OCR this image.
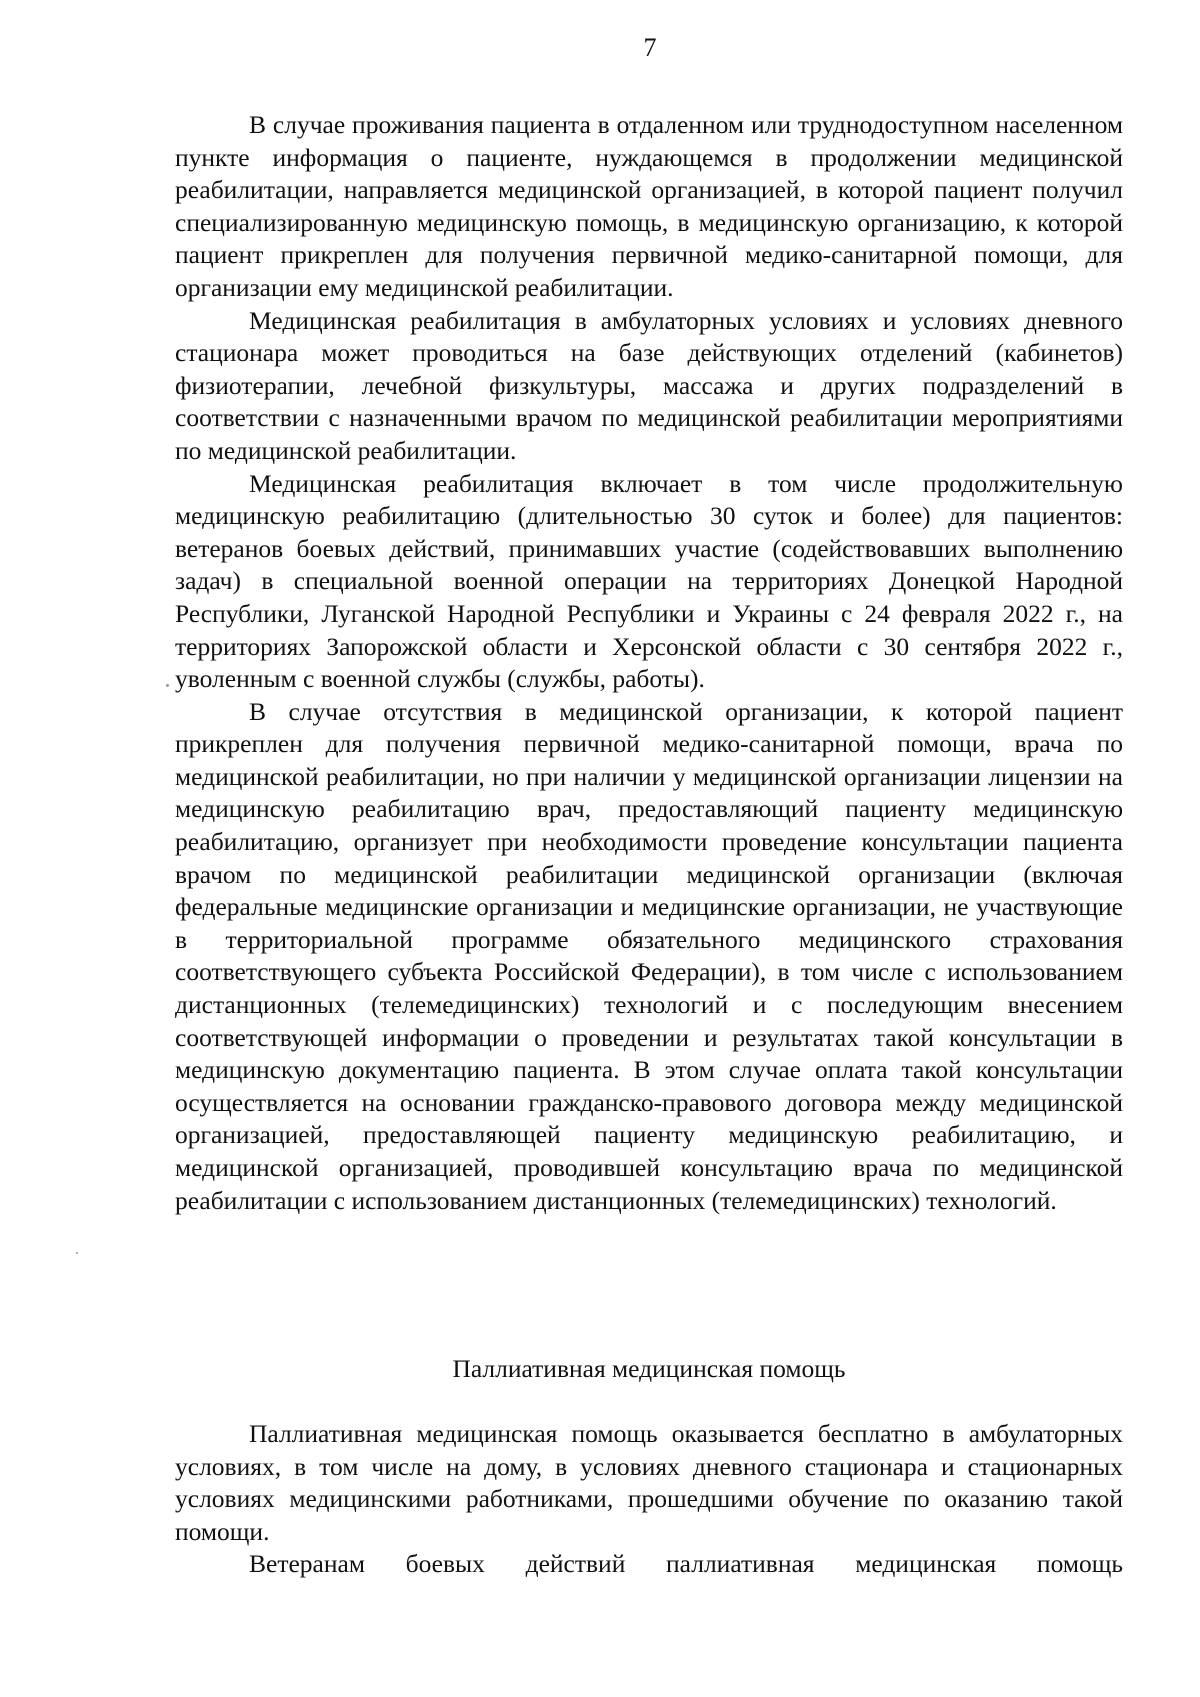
7

В случае проживания пациента в отдаленном или труднодоступном населенном пункте информация о пациенте, нуждающемся в продолжении медицинской реабилитации, направляется медицинской организацией, в которой пациент получил специализированную медицинскую помощь, в медицинскую организацию, к которой пациент прикреплен для получения первичной медико-санитарной помощи, для организации ему медицинской реабилитации.

Медицинская реабилитация в амбулаторных условиях и условиях дневного стационара может проводиться на базе действующих отделений (кабинетов) физиотерапии, лечебной физкультуры, массажа и других подразделений в соответствии с назначенными врачом по медицинской реабилитации мероприятиями по медицинской реабилитации.

Медицинская реабилитация включает в том числе продолжительную медицинскую реабилитацию (длительностью 30 суток и более) для пациентов: ветеранов боевых действий, принимавших участие (содействовавших выполнению задач) в специальной военной операции на территориях Донецкой Народной Республики, Луганской Народной Республики и Украины с 24 февраля 2022 г., на территориях Запорожской области и Херсонской области с 30 сентября 2022 г., уволенным с военной службы (службы, работы).

В случае отсутствия в медицинской организации, к которой пациент прикреплен для получения первичной медико-санитарной помощи, врача по медицинской реабилитации, но при наличии у медицинской организации лицензии на медицинскую реабилитацию врач, предоставляющий пациенту медицинскую реабилитацию, организует при необходимости проведение консультации пациента врачом по медицинской реабилитации медицинской организации (включая федеральные медицинские организации и медицинские организации, не участвующие в территориальной программе обязательного медицинского страхования соответствующего субъекта Российской Федерации), в том числе с использованием дистанционных (телемедицинских) технологий и с последующим внесением соответствующей информации о проведении и результатах такой консультации в медицинскую документацию пациента. В этом случае оплата такой консультации осуществляется на основании гражданско-правового договора между медицинской организацией, предоставляющей пациенту медицинскую реабилитацию, и медицинской организацией, проводившей консультацию врача по медицинской реабилитации с использованием дистанционных (телемедицинских) технологий.

Паллиативная медицинская помощь

Паллиативная медицинская помощь оказывается бесплатно в амбулаторных условиях, в том числе на дому, в условиях дневного стационара и стационарных условиях медицинскими работниками, прошедшими обучение по оказанию такой помощи.

Ветеранам боевых действий паллиативная медицинская помощь
